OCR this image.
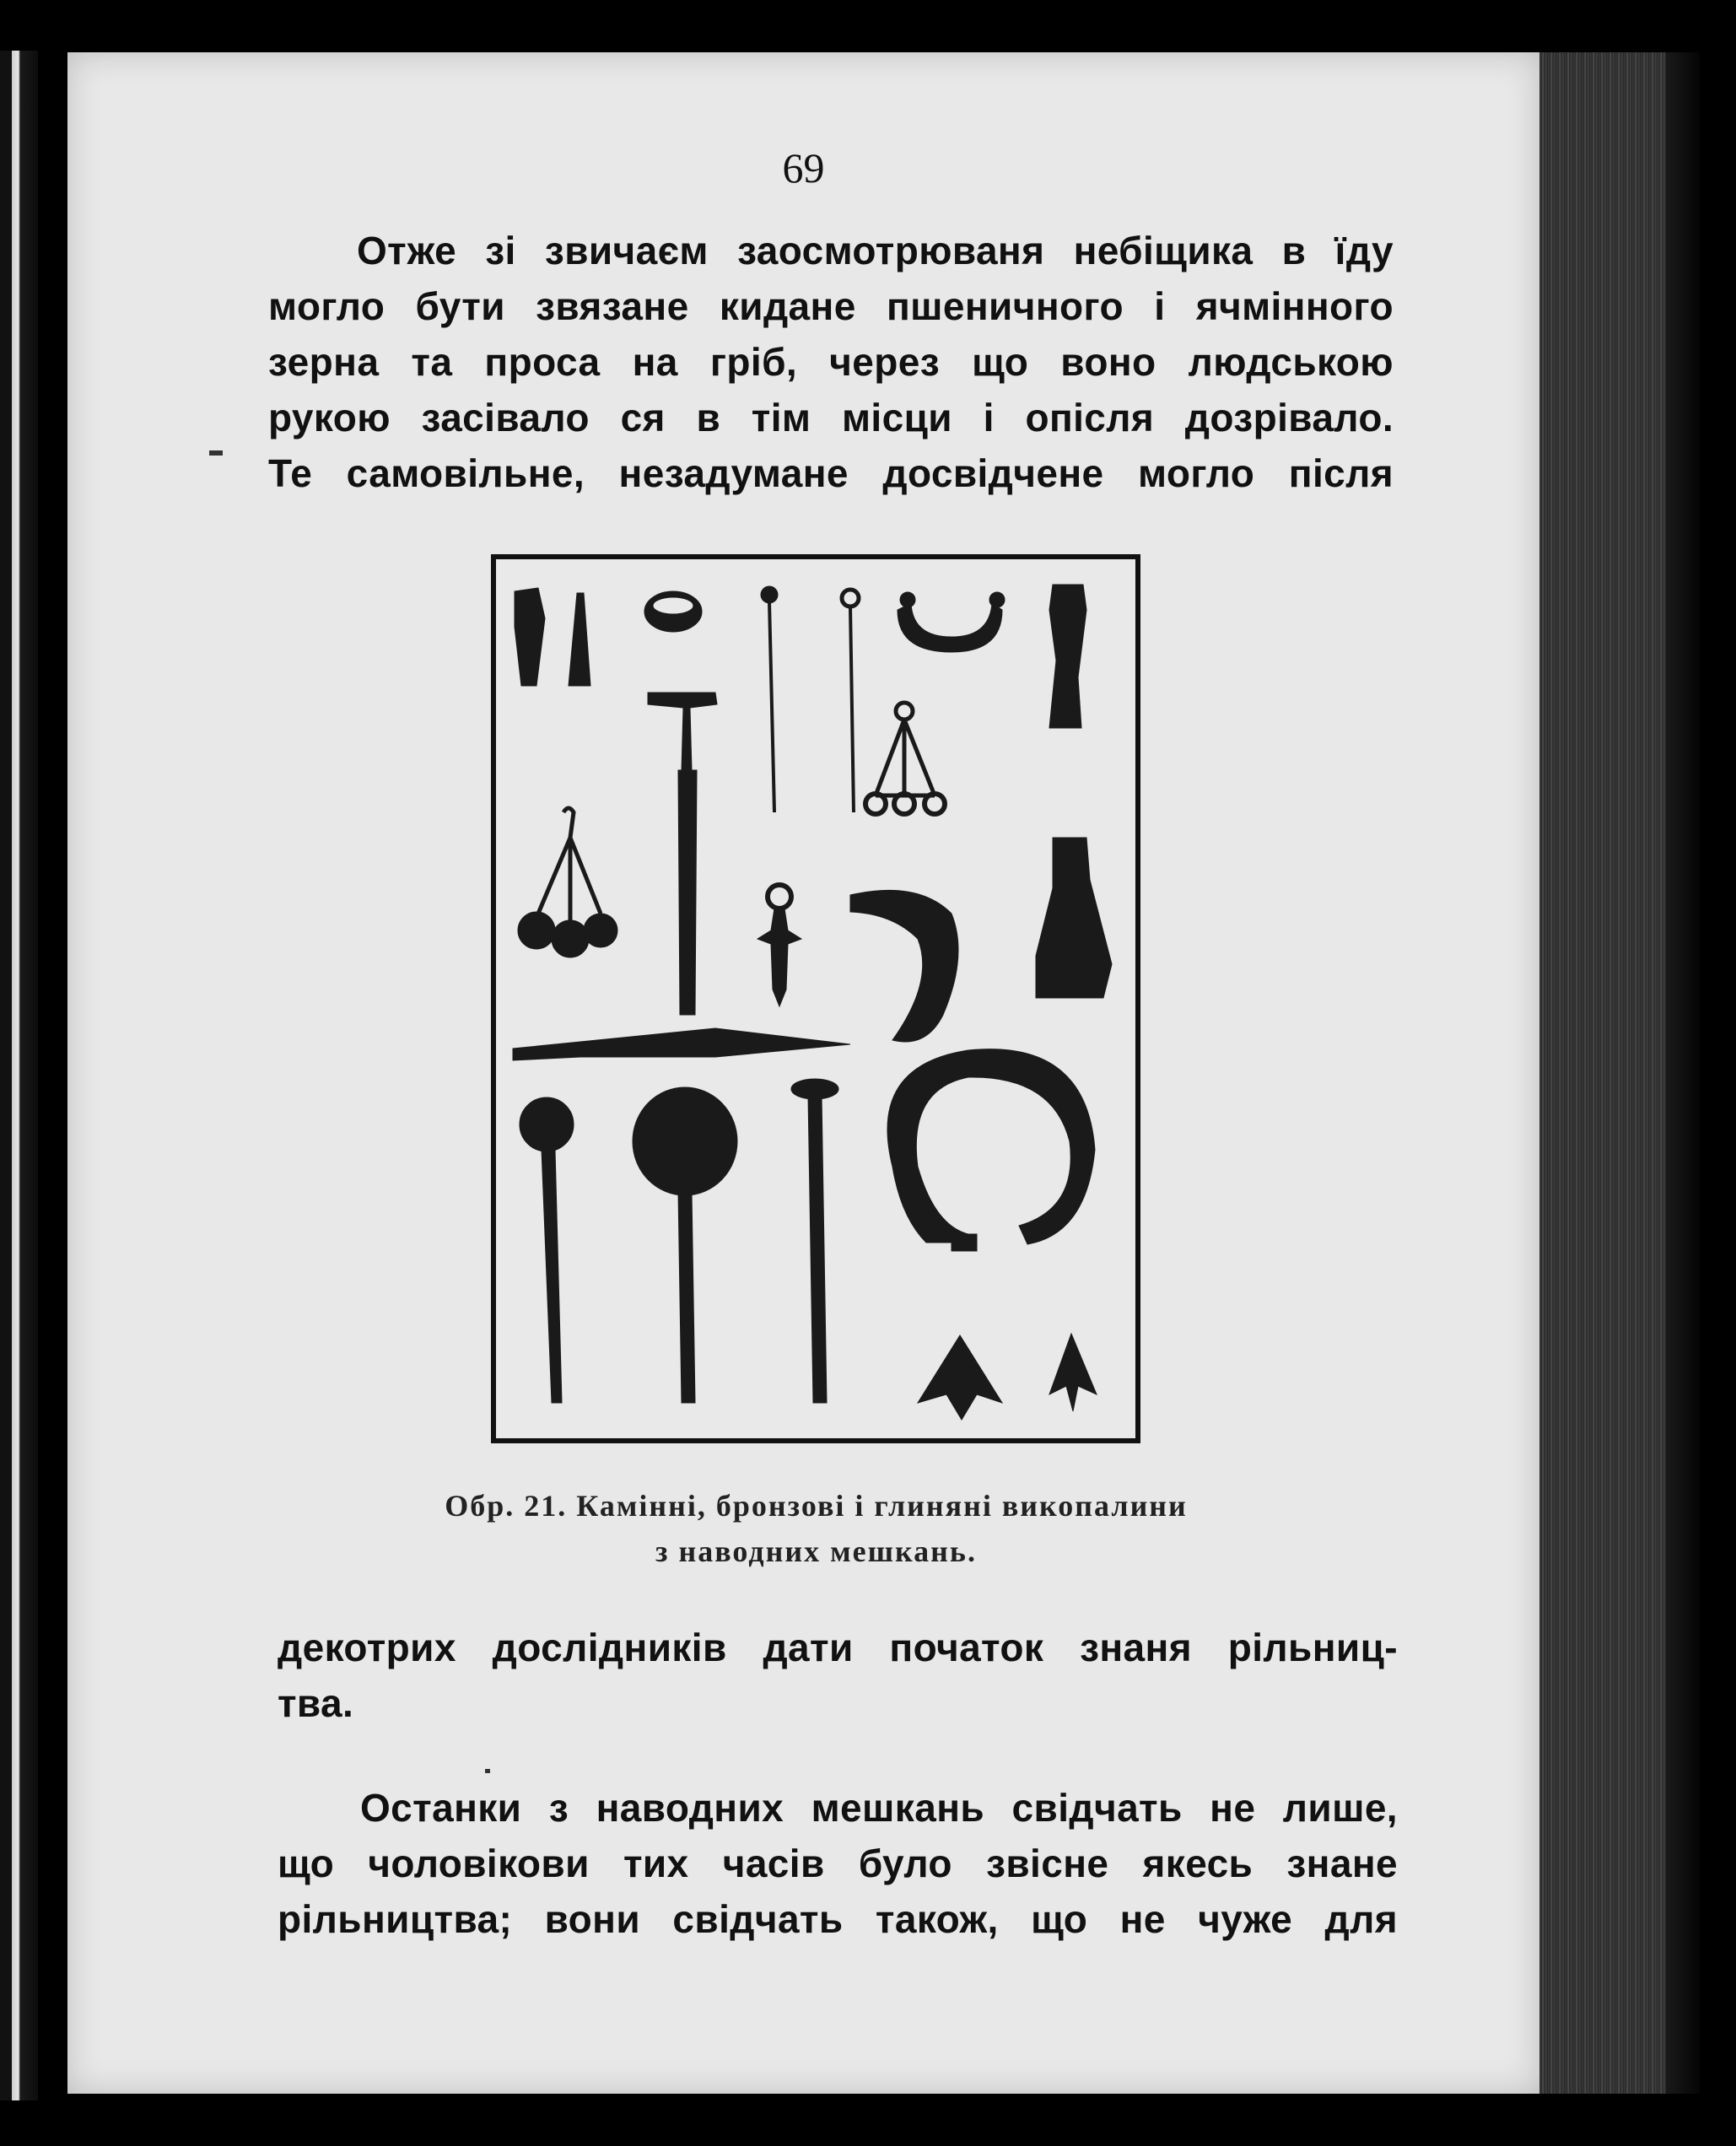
69
Отже зі звичаєм заосмотрюваня небіщика в їду
могло бути звязане кидане пшеничного і ячмінного
зерна та проса на гріб, через що воно людською
рукою засівало ся в тім місци і опісля дозрівало.
Те самовільне, незадумане досвідчене могло після
Обр. 21. Камінні, бронзові і глиняні викопалини
з наводних мешкань.
декотрих дослідників дати початок знаня рільниц-
тва.
Останки з наводних мешкань свідчать не лише,
що чоловікови тих часів було звісне якесь знане
рільництва; вони свідчать також, що не чуже для
